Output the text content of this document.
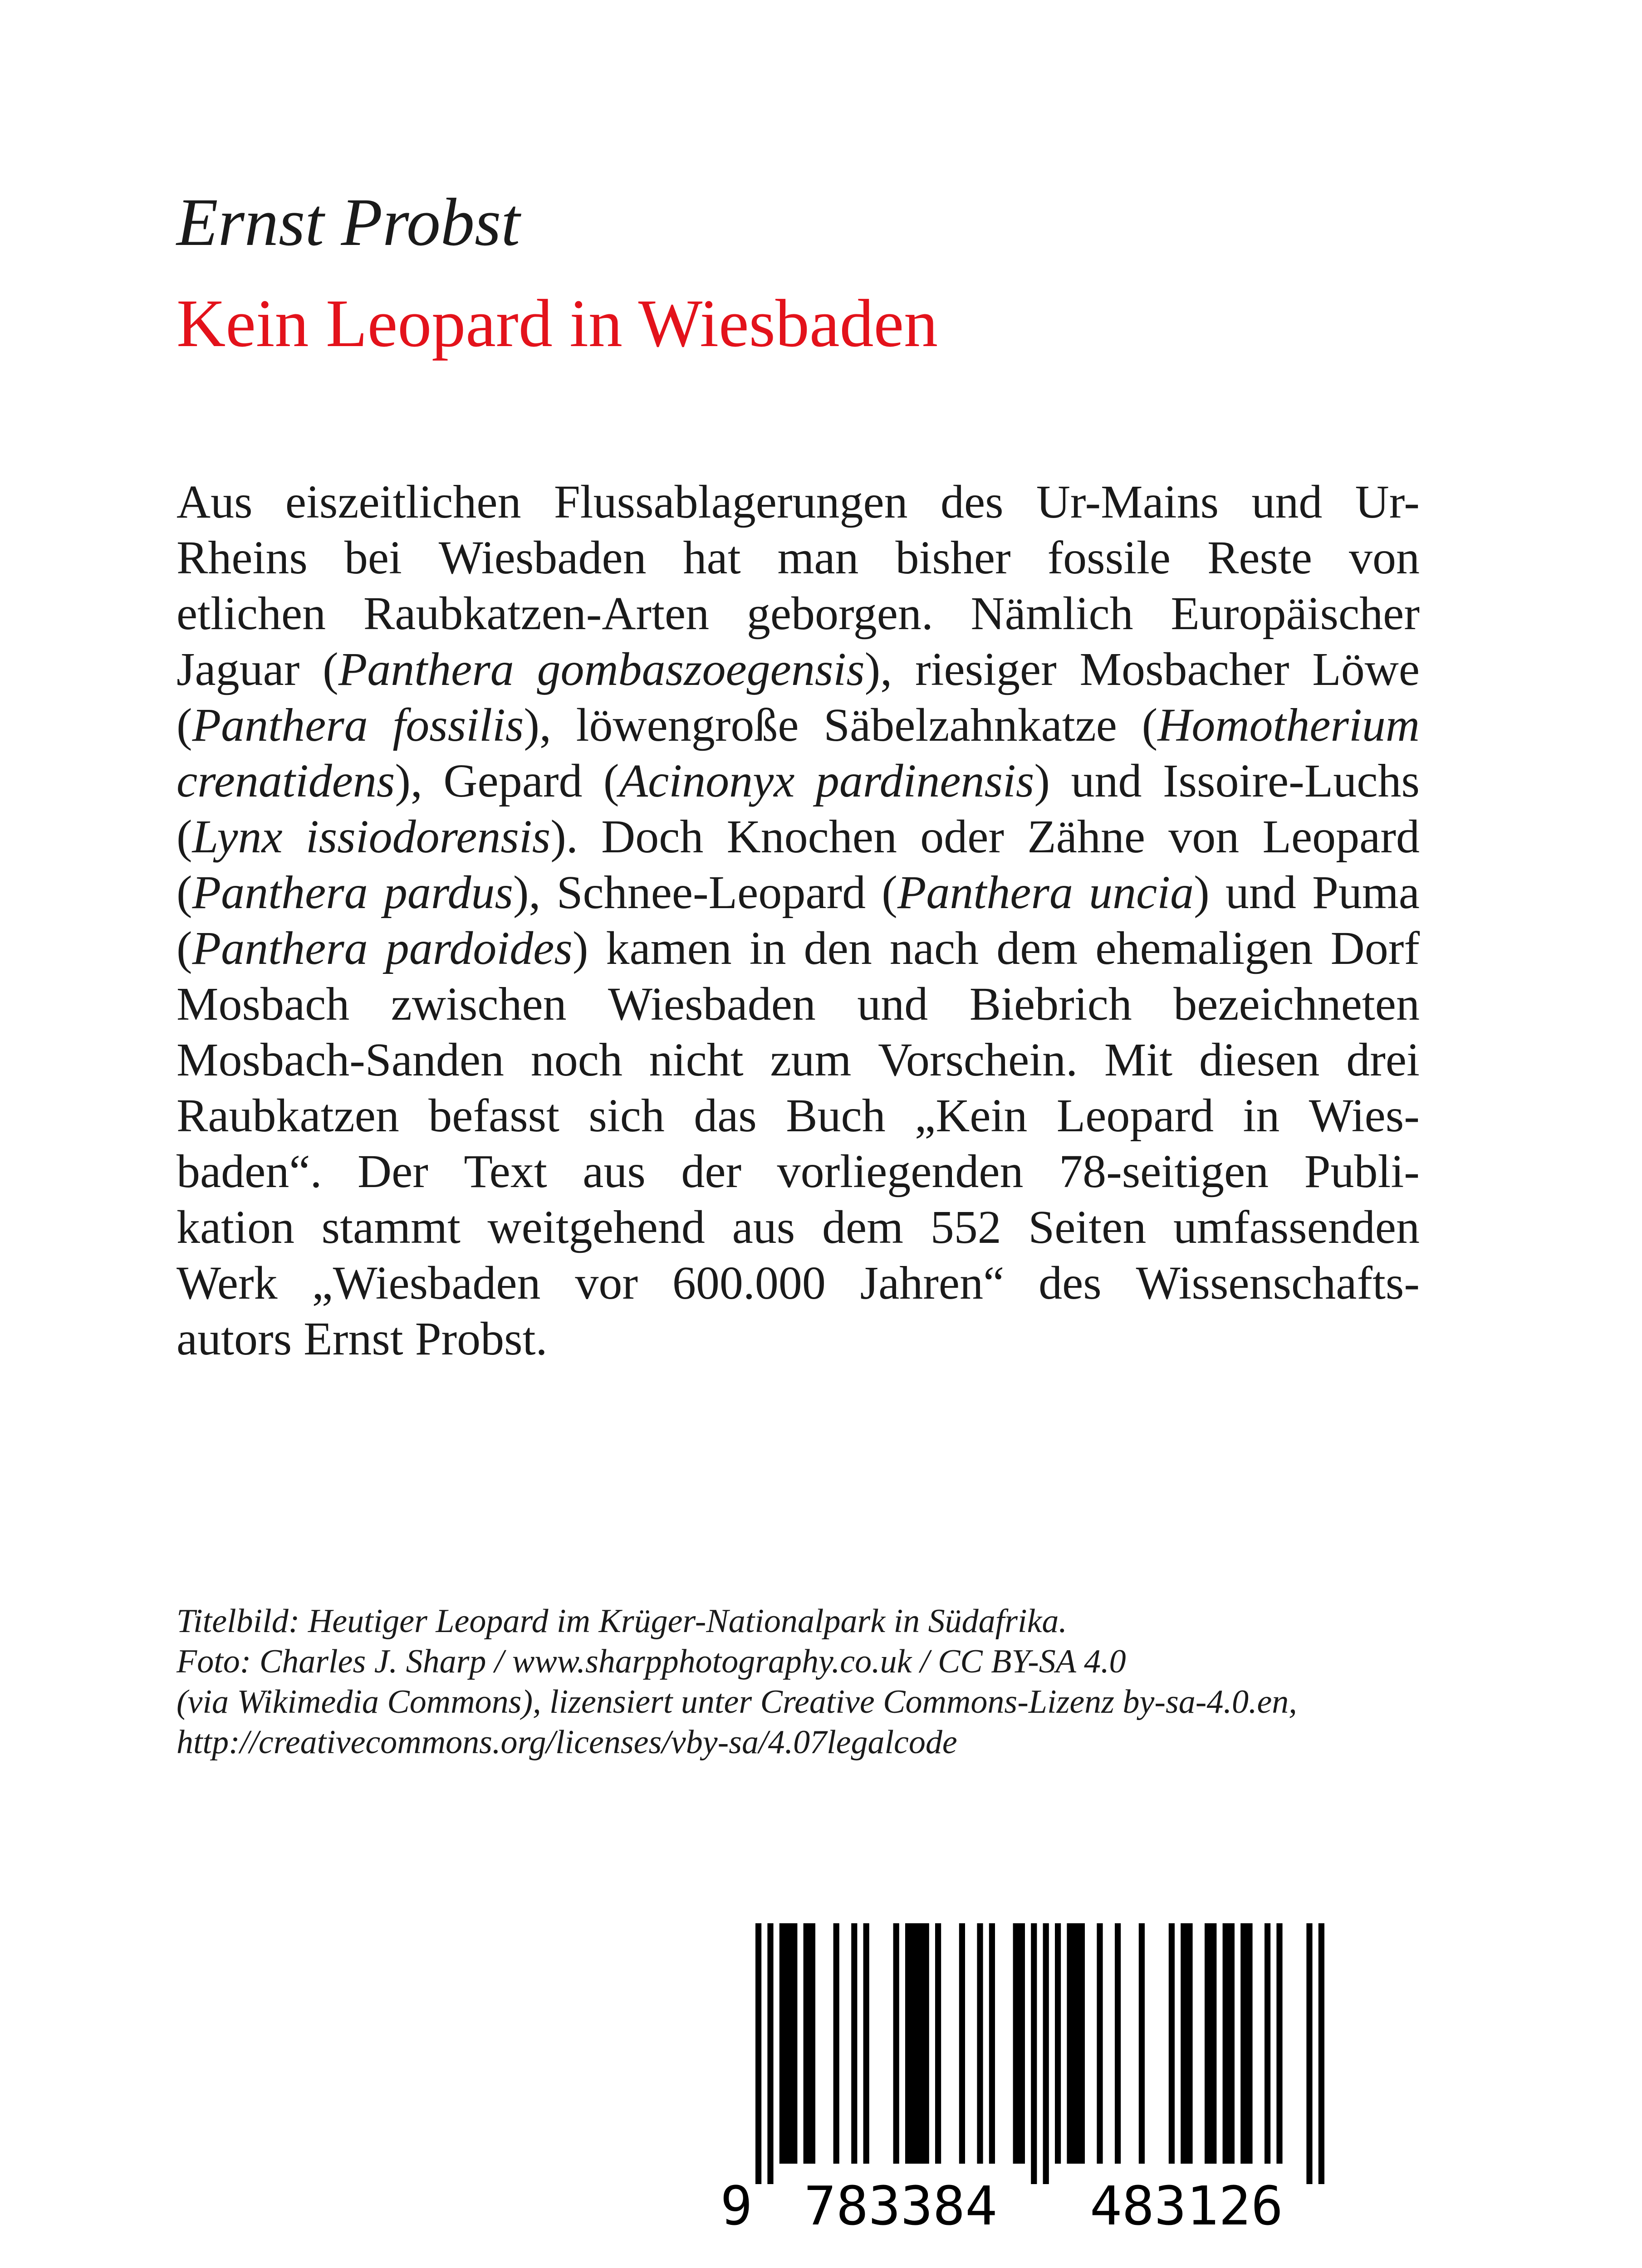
Ernst Probst
Kein Leopard in Wiesbaden
Aus eiszeitlichen Flussablagerungen des Ur-Mains und Ur-
Rheins bei Wiesbaden hat man bisher fossile Reste von
etlichen Raubkatzen-Arten geborgen. Nämlich Europäischer
Jaguar (Panthera gombaszoegensis), riesiger Mosbacher Löwe
(Panthera fossilis), löwengroße Säbelzahnkatze (Homotherium
crenatidens), Gepard (Acinonyx pardinensis) und Issoire-Luchs
(Lynx issiodorensis). Doch Knochen oder Zähne von Leopard
(Panthera pardus), Schnee-Leopard (Panthera uncia) und Puma
(Panthera pardoides) kamen in den nach dem ehemaligen Dorf
Mosbach zwischen Wiesbaden und Biebrich bezeichneten
Mosbach-Sanden noch nicht zum Vorschein. Mit diesen drei
Raubkatzen befasst sich das Buch „Kein Leopard in Wies-
baden“. Der Text aus der vorliegenden 78-seitigen Publi-
kation stammt weitgehend aus dem 552 Seiten umfassenden
Werk „Wiesbaden vor 600.000 Jahren“ des Wissenschafts-
autors
Ernst
Probst.
Titelbild: Heutiger Leopard im Krüger-Nationalpark in Südafrika.
Foto: Charles J. Sharp / www.sharpphotography.co.uk / CC BY-SA 4.0
(via Wikimedia Commons), lizensiert unter Creative Commons-Lizenz by-sa-4.0.en,
http://creativecommons.org/licenses/vby-sa/4.07legalcode
9 783384 483126
